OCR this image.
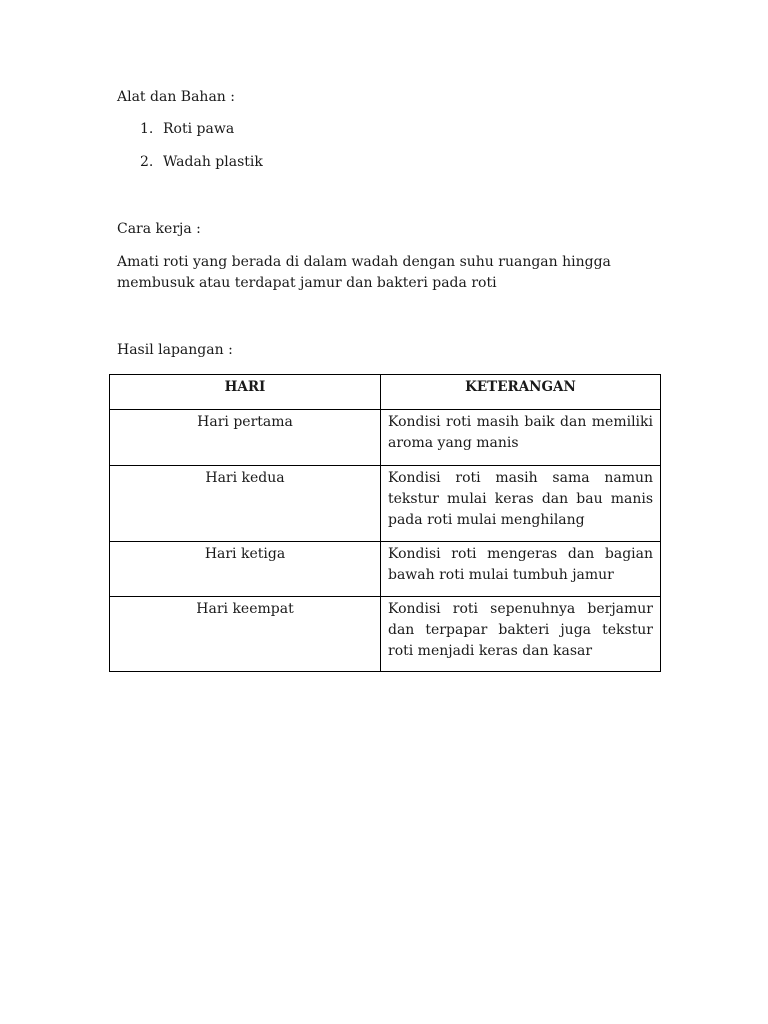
Alat dan Bahan :
1. Roti pawa
2. Wadah plastik
Cara kerja :
Amati roti yang berada di dalam wadah dengan suhu ruangan hingga
membusuk atau terdapat jamur dan bakteri pada roti
Hasil lapangan :
HARI	KETERANGAN
Hari pertama	Kondisi roti masih baik dan memiliki aroma yang manis
Hari kedua	Kondisi roti masih sama namun tekstur mulai keras dan bau manis pada roti mulai menghilang
Hari ketiga	Kondisi roti mengeras dan bagian bawah roti mulai tumbuh jamur
Hari keempat	Kondisi roti sepenuhnya berjamur dan terpapar bakteri juga tekstur roti menjadi keras dan kasar
